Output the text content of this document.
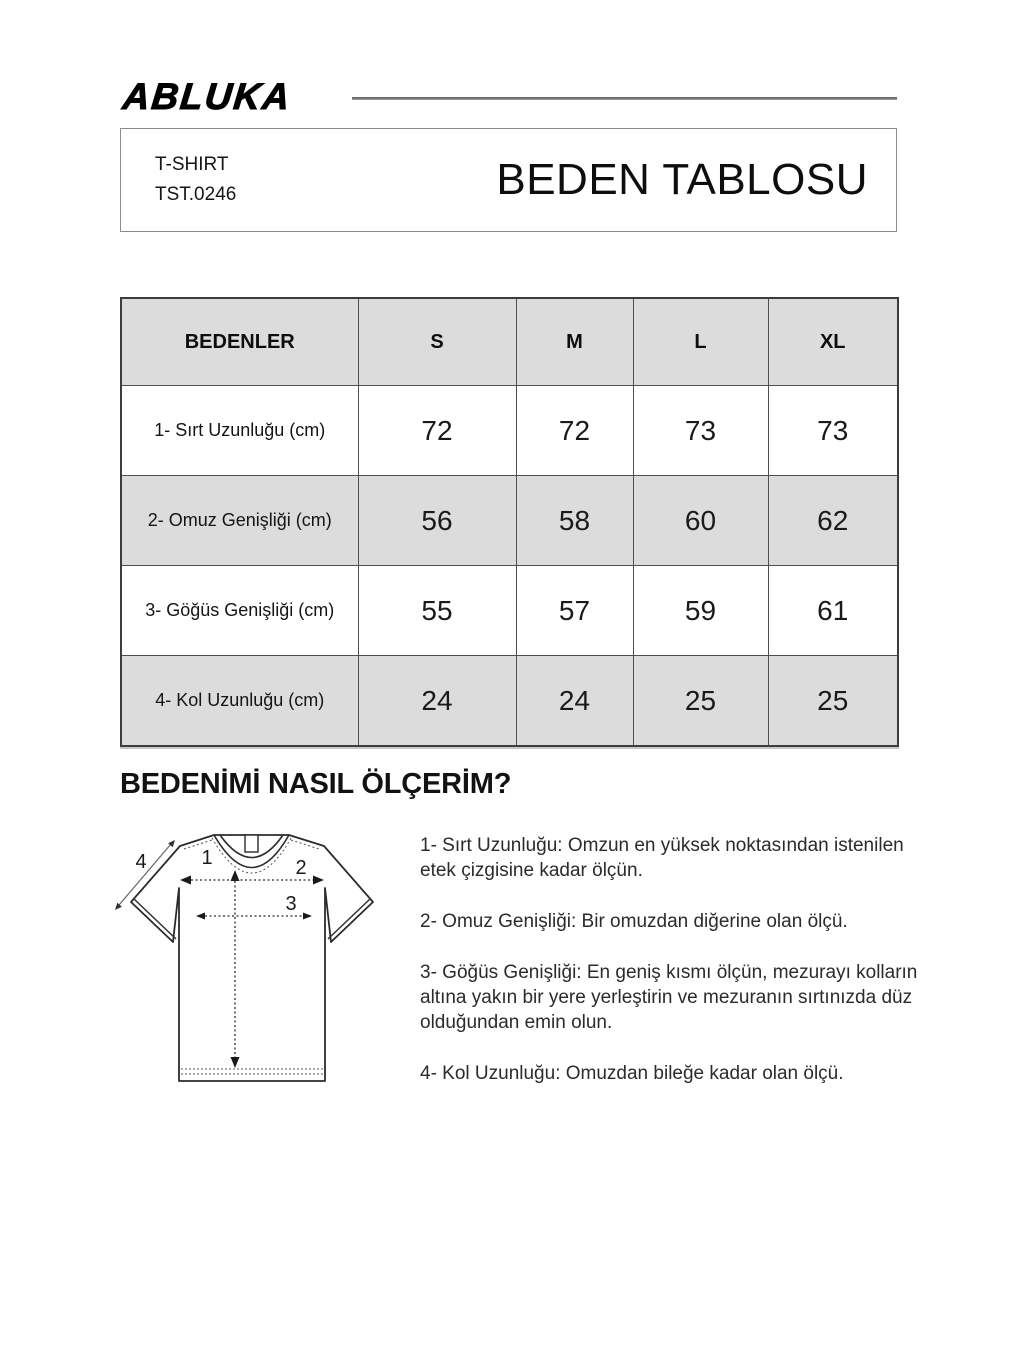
ABLUKA
T-SHIRT
TST.0246	BEDEN TABLOSU
BEDENLER	S	M	L	XL
1- Sırt Uzunluğu (cm)	72	72	73	73
2- Omuz Genişliği (cm)	56	58	60	62
3- Göğüs Genişliği (cm)	55	57	59	61
4- Kol Uzunluğu (cm)	24	24	25	25
BEDENİMİ NASIL ÖLÇERİM?
1	2
3
4

1- Sırt Uzunluğu: Omzun en yüksek noktasından istenilen etek çizgisine kadar ölçün.

2- Omuz Genişliği: Bir omuzdan diğerine olan ölçü.

3- Göğüs Genişliği: En geniş kısmı ölçün, mezurayı kolların altına yakın bir yere yerleştirin ve mezuranın sırtınızda düz olduğundan emin olun.

4- Kol Uzunluğu: Omuzdan bileğe kadar olan ölçü.
